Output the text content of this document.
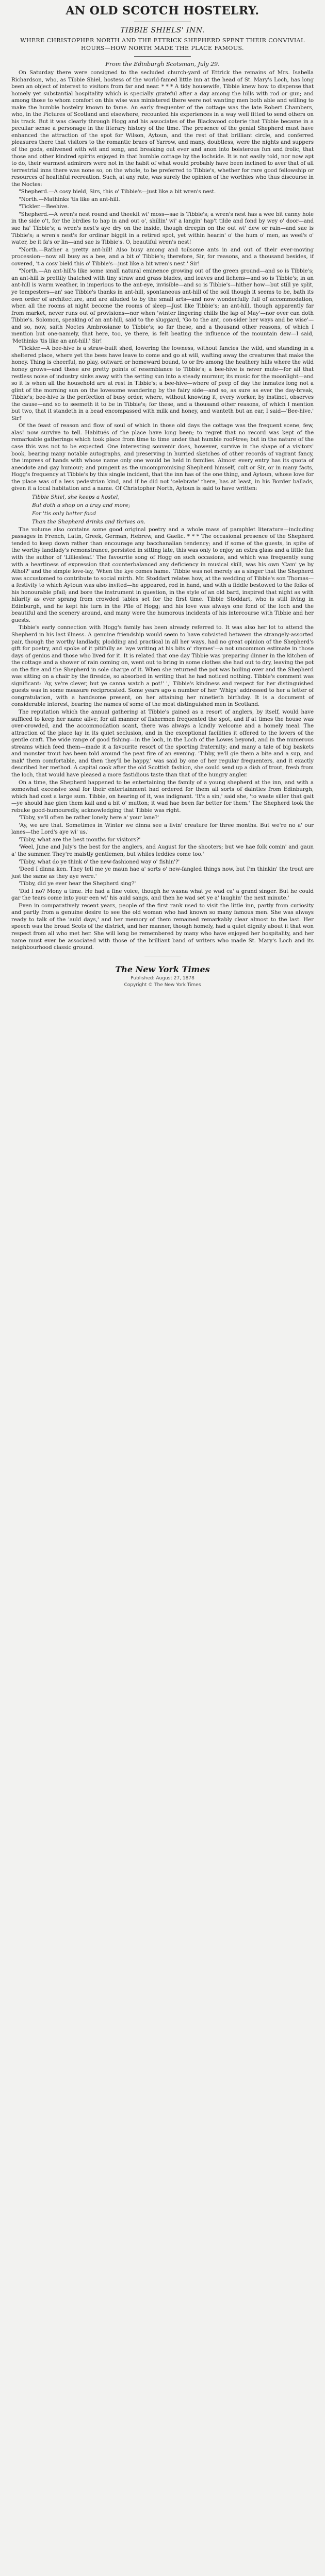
AN OLD SCOTCH HOSTELRY.
TIBBIE SHIELS' INN.
WHERE CHRISTOPHER NORTH AND THE ETTRICK SHEPHERD SPENT THEIR CONVIVIAL HOURS—HOW NORTH MADE THE PLACE FAMOUS.
From the Edinburgh Scotsman, July 29.

On Saturday there were consigned to the secluded church-yard of Ettrick the remains of Mrs. Isabella Richardson, who, as Tibbie Shiel, hostess of the world-famed little inn at the head of St. Mary's Loch, has long been an object of interest to visitors from far and near. * * * A tidy housewife, Tibbie knew how to dispense that homely yet substantial hospitality which is specially grateful after a day among the hills with rod or gun; and among those to whom comfort on this wise was ministered there were not wanting men both able and willing to make the humble hostelry known to fame. An early frequenter of the cottage was the late Robert Chambers, who, in the Pictures of Scotland and elsewhere, recounted his experiences in a way well fitted to send others on his track. But it was clearly through Hogg and his associates of the Blackwood coterie that Tibbie became in a peculiar sense a personage in the literary history of the time. The presence of the genial Shepherd must have enhanced the attraction of the spot for Wilson, Aytoun, and the rest of that brilliant circle, and conferred pleasures there that visitors to the romantic braes of Yarrow, and many, doubtless, were the nights and suppers of the gods, enlivened with wit and song, and breaking out ever and anon into boisterous fun and frolic, that those and other kindred spirits enjoyed in that humble cottage by the lochside. It is not easily told, nor now apt to do, their warmest admirers were not in the habit of what would probably have been inclined to aver that of all terrestrial inns there was none so, on the whole, to be preferred to Tibbie's, whether for rare good fellowship or resources of healthful recreation. Such, at any rate, was surely the opinion of the worthies who thus discourse in the Noctes:

"Shepherd.—A cosy bield, Sirs, this o' Tibbie's—just like a bit wren's nest.

"North.—Mathinks 'tis like an ant-hill.

"Tickler.—Beehive.

"Shepherd.—A wren's nest round and theekit wi' moss—sae is Tibbie's; a wren's nest has a wee bit canny hole in the side o't, for the birdies to hap in and out o', shillin' wi' a langin' hap't tilde and fond by wey o' door—and sae ha' Tibbie's; a wren's nest's aye dry on the inside, though dreepin on the out wi' dew or rain—and sae is Tibbie's; a wren's nest's for ordinar biggit in a retired spot, yet within hearin' o' the hum o' men, as weel's o' water, be it fa's or lin—and sae is Tibbie's. O, beautiful wren's nest!

"North.—Rather a pretty ant-hill! Also busy among and toilsome ants in and out of their ever-moving procession—now all busy as a bee, and a bit o' Tibbie's; therefore, Sir, for reasons, and a thousand besides, if covered, 't a cosy bield this o' Tibbie's—just like a bit wren's nest.' Sir!

"North.—An ant-hill's like some small natural eminence growing out of the green ground—and so is Tibbie's; an ant-hill is prettily thatched with tiny straw and grass blades, and leaves and lichens—and so is Tibbie's; in an ant-hill is warm weather, in imperious to the ant-eye, invisible—and so is Tibbie's—hither how—but still ye split, ye tempesters—an' sae Tibbie's thanks in ant-hill, spontaneous ant-hill of the soil though it seems to be, bath its own order of architecture, and are alluded to by the small arts—and now wonderfully full of accommodation, when all the rooms at night become the rooms of sleep—Just like Tibbie's; an ant-hill, though apparently far from market, never runs out of provisions—nor when 'winter lingering chills the lap of May'—nor over can doth Tibbie's. Solomon, speaking of an ant-hill, said to the sluggard, 'Go to the ant, con-sider her ways and be wise'—and so, now, saith Noctes Ambrosianæ to Tibbie's; so far these, and a thousand other reasons, of which I mention but one-namely, that here, too, ye there, is felt beating the influence of the mountain dew—I said, 'Methinks 'tis like an ant-hill.' Sir!

"Tickler.—A bee-hive is a straw-built shed, lowering the lowness, without fancies the wild, and standing in a sheltered place, where yet the bees have leave to come and go at will, wafting away the creatures that make the honey. Thing is cheerful, no play, outward or homeward bound, to or fro among the heathery hills where the wild honey grows—and these are pretty points of resemblance to Tibbie's; a bee-hive is never mute—for all that restless noise of industry sinks away with the setting sun into a steady murmur, its music for the moonlight—and so it is when all the household are at rest in Tibbie's; a bee-hive—where of peep of day the inmates long not a glint of the morning sun on the lovesome wandering by the fairy side—and so, as sure as ever the day-break, Tibbie's; bee-hive is the perfection of busy order, where, without knowing it, every worker, by instinct, observes the cause—and so to seemeth it to be in Tibbie's; for these, and a thousand other reasons, of which I mention but two, that it standeth in a bead encompassed with milk and honey, and wanteth but an ear, I said—'Bee-hive.' Sir!'

Of the feast of reason and flow of soul of which in those old days the cottage was the frequent scene, few, alas! now survive to tell. Habitués of the place have long been; to regret that no record was kept of the remarkable gatherings which took place from time to time under that humble roof-tree; but in the nature of the case this was not to be expected. One interesting souvenir does, however, survive in the shape of a visitors' book, bearing many notable autographs, and preserving in hurried sketches of other records of vagrant fancy, the impress of hands with whose name only one would be held in families. Almost every entry has its quota of anecdote and gay humour; and pungent as the uncompromising Shepherd himself, cult or Sir, or in many facts, Hogg's frequency at Tibbie's by this single incident, that the inn has of the one thing, and Aytoun, whose love for the place was of a less pedestrian kind, and if he did not 'celebrate' there, has at least, in his Border ballads, given it a local habitation and a name. Of Christopher North, Aytoun is said to have written:

Tibbie Shiel, she keeps a hostel,
But doth a shop on a tray and more;
For 'tis only better food
Than the Shepherd drinks and thrives on.

The volume also contains some good original poetry and a whole mass of pamphlet literature—including passages in French, Latin, Greek, German, Hebrew, and Gaelic. * * * The occasional presence of the Shepherd tended to keep down rather than encourage any bacchanalian tendency; and if some of the guests, in spite of the worthy landlady's remonstrance, persisted in sitting late, this was only to enjoy an extra glass and a little fun with the author of 'Lilliesleaf.' The favourite song of Hogg on such occasions, and which was frequently sung with a heartiness of expression that counterbalanced any deficiency in musical skill, was his own 'Cam' ye by Athol?' and the simple love-lay, 'When the kye comes hame.' Tibbie was not merely as a singer that the Shepherd was accustomed to contribute to social mirth. Mr. Stoddart relates how, at the wedding of Tibbie's son Thomas—a festivity to which Aytoun was also invited—he appeared, rod in hand, and with a fiddle bestowed to the folks of his honourable pfail; and bore the instrument in question, in the style of an old bard, inspired that night as with hilarity as ever sprang from crowded tables set for the first time. Tibbie Stoddart, who is still living in Edinburgh, and he kept his turn in the Pfle of Hogg; and his love was always one fond of the loch and the beautiful and the scenery around, and many were the humorous incidents of his intercourse with Tibbie and her guests.

Tibbie's early connection with Hogg's family has been already referred to. It was also her lot to attend the Shepherd in his last illness. A genuine friendship would seem to have subsisted between the strangely-assorted pair, though the worthy landlady, plodding and practical in all her ways, had no great opinion of the Shepherd's gift for poetry, and spoke of it pitifully as 'aye writing at his bits o' rhymes'—a not uncommon estimate in those days of genius and those who lived for it. It is related that one day Tibbie was preparing dinner in the kitchen of the cottage and a shower of rain coming on, went out to bring in some clothes she had out to dry, leaving the pot on the fire and the Shepherd in sole charge of it. When she returned the pot was boiling over and the Shepherd was sitting on a chair by the fireside, so absorbed in writing that he had noticed nothing. Tibbie's comment was significant: 'Ay, ye're clever, but ye canna watch a pot!' ',' Tibbie's kindness and respect for her distinguished guests was in some measure reciprocated. Some years ago a number of her 'Whigs' addressed to her a letter of congratulation, with a handsome present, on her attaining her ninetieth birthday. It is a document of considerable interest, bearing the names of some of the most distinguished men in Scotland.

The reputation which the annual gathering at Tibbie's gained as a resort of anglers, by itself, would have sufficed to keep her name alive; for all manner of fishermen frequented the spot, and if at times the house was over-crowded, and the accommodation scant, there was always a kindly welcome and a homely meal. The attraction of the place lay in its quiet seclusion, and in the exceptional facilities it offered to the lovers of the gentle craft. The wide range of good fishing—in the loch, in the Loch of the Lowes beyond, and in the numerous streams which feed them—made it a favourite resort of the sporting fraternity; and many a tale of big baskets and monster trout has been told around the peat fire of an evening. 'Tibby, ye'll gie them a bite and a sup, and mak' them comfortable, and then they'll be happy,' was said by one of her regular frequenters, and it exactly described her method. A capital cook after the old Scottish fashion, she could send up a dish of trout, fresh from the loch, that would have pleased a more fastidious taste than that of the hungry angler.

On a time, the Shepherd happened to be entertaining the family of a young shepherd at the inn, and with a somewhat excessive zeal for their entertainment had ordered for them all sorts of dainties from Edinburgh, which had cost a large sum. Tibbie, on hearing of it, was indignant. 'It's a sin,' said she, 'to waste siller that gait—ye should hae gien them kail and a bit o' mutton; it wad hae been far better for them.' The Shepherd took the rebuke good-humouredly, acknowledging that Tibbie was right.

'Tibby, ye'll often be rather lonely here a' your lane?'

'Ay, we are that. Sometimes in Winter we dinna see a livin' creature for three months. But we're no a' our lanes—the Lord's aye wi' us.'

'Tibby, what are the best months for visitors?'

'Weel, June and July's the best for the anglers, and August for the shooters; but we hae folk comin' and gaun a' the summer. They're maistly gentlemen, but whiles leddies come too.'

'Tibby, what do ye think o' the new-fashioned way o' fishin'?'

'Deed I dinna ken. They tell me ye maun hae a' sorts o' new-fangled things now, but I'm thinkin' the trout are just the same as they aye were.'

'Tibby, did ye ever hear the Shepherd sing?'

'Did I no? Mony a time. He had a fine voice, though he wasna what ye wad ca' a grand singer. But he could gar the tears come into your een wi' his auld sangs, and then he wad set ye a' laughin' the next minute.'

Even in comparatively recent years, people of the first rank used to visit the little inn, partly from curiosity and partly from a genuine desire to see the old woman who had known so many famous men. She was always ready to talk of the 'auld days,' and her memory of them remained remarkably clear almost to the last. Her speech was the broad Scots of the district, and her manner, though homely, had a quiet dignity about it that won respect from all who met her. She will long be remembered by many who have enjoyed her hospitality, and her name must ever be associated with those of the brilliant band of writers who made St. Mary's Loch and its neighbourhood classic ground.

The New York Times
Published: August 27, 1878
Copyright © The New York Times
